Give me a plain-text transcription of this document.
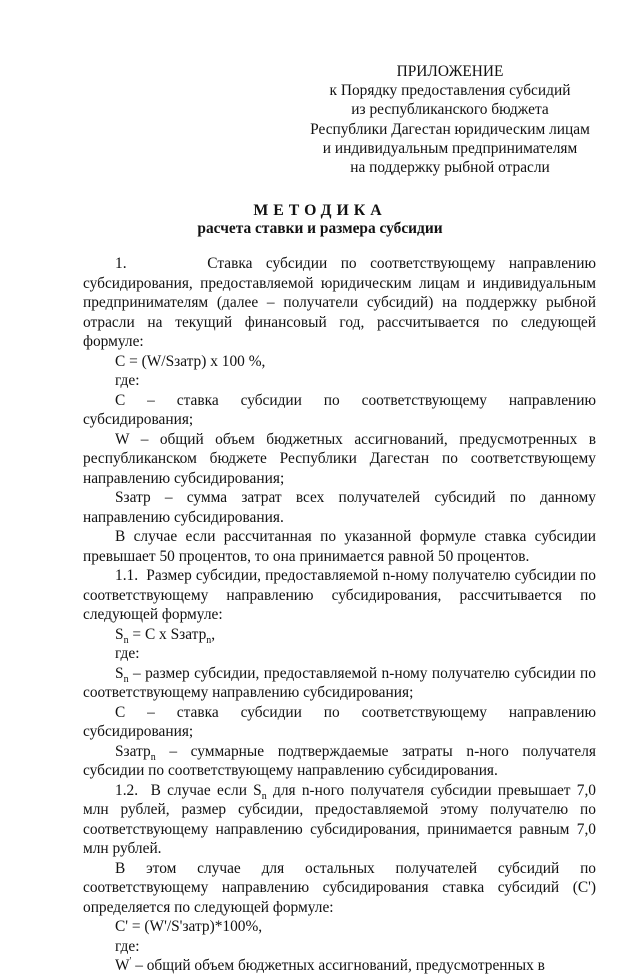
ПРИЛОЖЕНИЕ
к Порядку предоставления субсидий
из республиканского бюджета
Республики Дагестан юридическим лицам
и индивидуальным предпринимателям
на поддержку рыбной отрасли
МЕТОДИКА
расчета ставки и размера субсидии

1.      Ставка субсидии по соответствующему направлению субсидирования, предоставляемой юридическим лицам и индивидуальным предпринимателям (далее – получатели субсидий) на поддержку рыбной отрасли на текущий финансовый год, рассчитывается по следующей формуле:

С = (W/Sзатр) х 100 %,

где:

С – ставка субсидии по соответствующему направлению субсидирования;

W – общий объем бюджетных ассигнований, предусмотренных в республиканском бюджете Республики Дагестан по соответствующему направлению субсидирования;

Sзатр – сумма затрат всех получателей субсидий по данному направлению субсидирования.

В случае если рассчитанная по указанной формуле ставка субсидии превышает 50 процентов, то она принимается равной 50 процентов.

1.1.  Размер субсидии, предоставляемой n-ному получателю субсидии по соответствующему направлению субсидирования, рассчитывается по следующей формуле:

$S_n = С$ х Sзатр$_n$,

где:

$S_n$ – размер субсидии, предоставляемой n-ному получателю субсидии по соответствующему направлению субсидирования;

С – ставка субсидии по соответствующему направлению субсидирования;

Sзатр$_n$ – суммарные подтверждаемые затраты n-ного получателя субсидии по соответствующему направлению субсидирования.

1.2.  В случае если $S_n$ для n-ного получателя субсидии превышает 7,0 млн рублей, размер субсидии, предоставляемой этому получателю по соответствующему направлению субсидирования, принимается равным 7,0 млн рублей.

В этом случае для остальных получателей субсидий по соответствующему направлению субсидирования ставка субсидий (С') определяется по следующей формуле:

С' = (W'/S'затр)*100%,

где:

W' – общий объем бюджетных ассигнований, предусмотренных в
